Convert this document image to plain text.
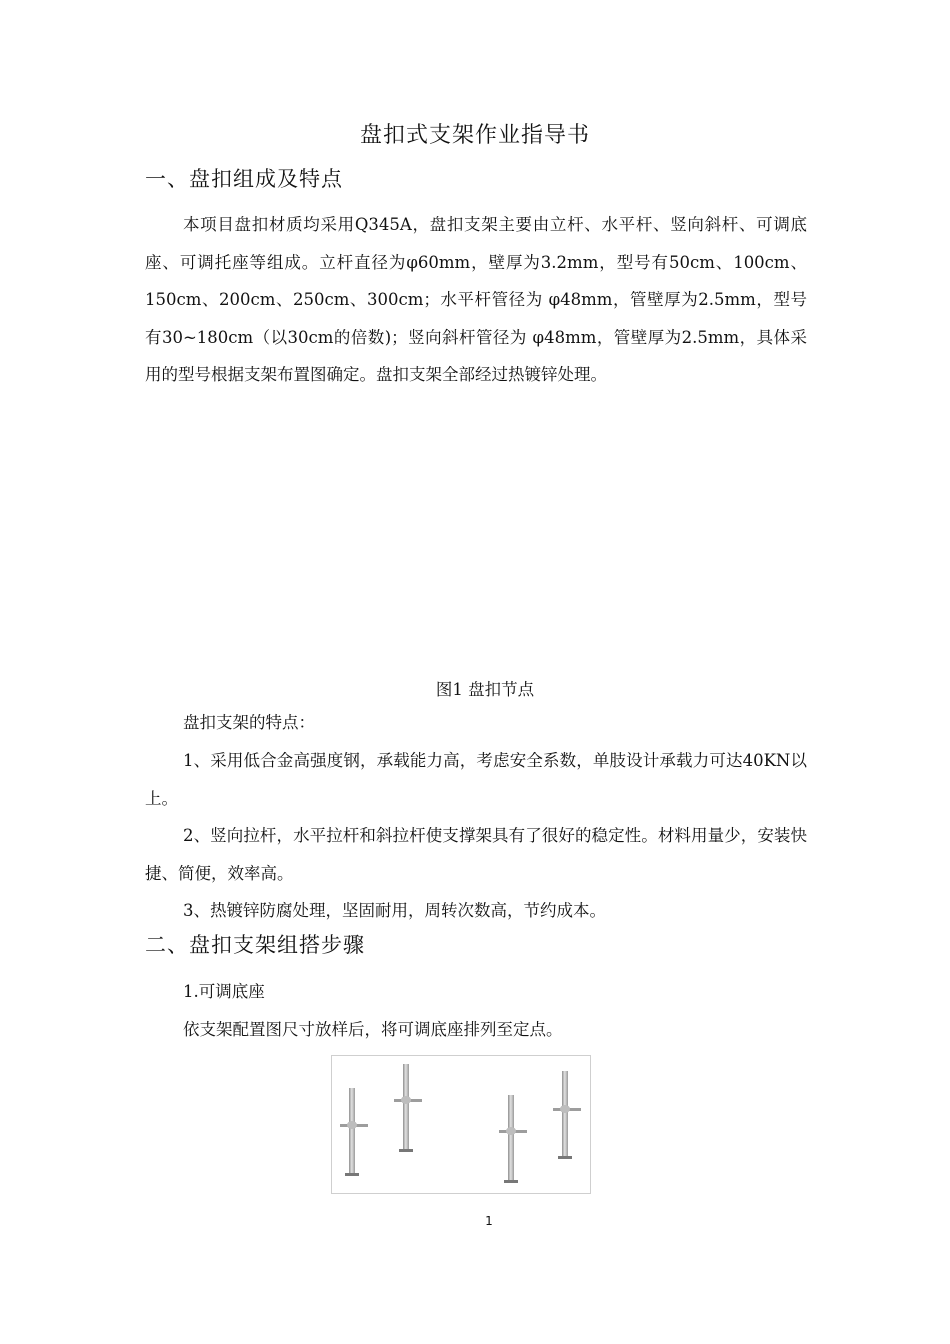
盘扣式支架作业指导书
一、盘扣组成及特点

本项目盘扣材质均采用Q345A，盘扣支架主要由立杆、水平杆、竖向斜杆、可调底座、可调托座等组成。立杆直径为φ60mm，壁厚为3.2mm，型号有50cm、100cm、150cm、200cm、250cm、300cm；水平杆管径为 φ48mm，管壁厚为2.5mm，型号有30~180cm（以30cm的倍数)；竖向斜杆管径为 φ48mm，管壁厚为2.5mm，具体采用的型号根据支架布置图确定。盘扣支架全部经过热镀锌处理。

图1 盘扣节点

盘扣支架的特点：

1、采用低合金高强度钢，承载能力高，考虑安全系数，单肢设计承载力可达40KN以上。

2、竖向拉杆，水平拉杆和斜拉杆使支撑架具有了很好的稳定性。材料用量少，安装快捷、简便，效率高。

3、热镀锌防腐处理，坚固耐用，周转次数高，节约成本。

二、盘扣支架组搭步骤

1.可调底座

依支架配置图尺寸放样后，将可调底座排列至定点。

1
